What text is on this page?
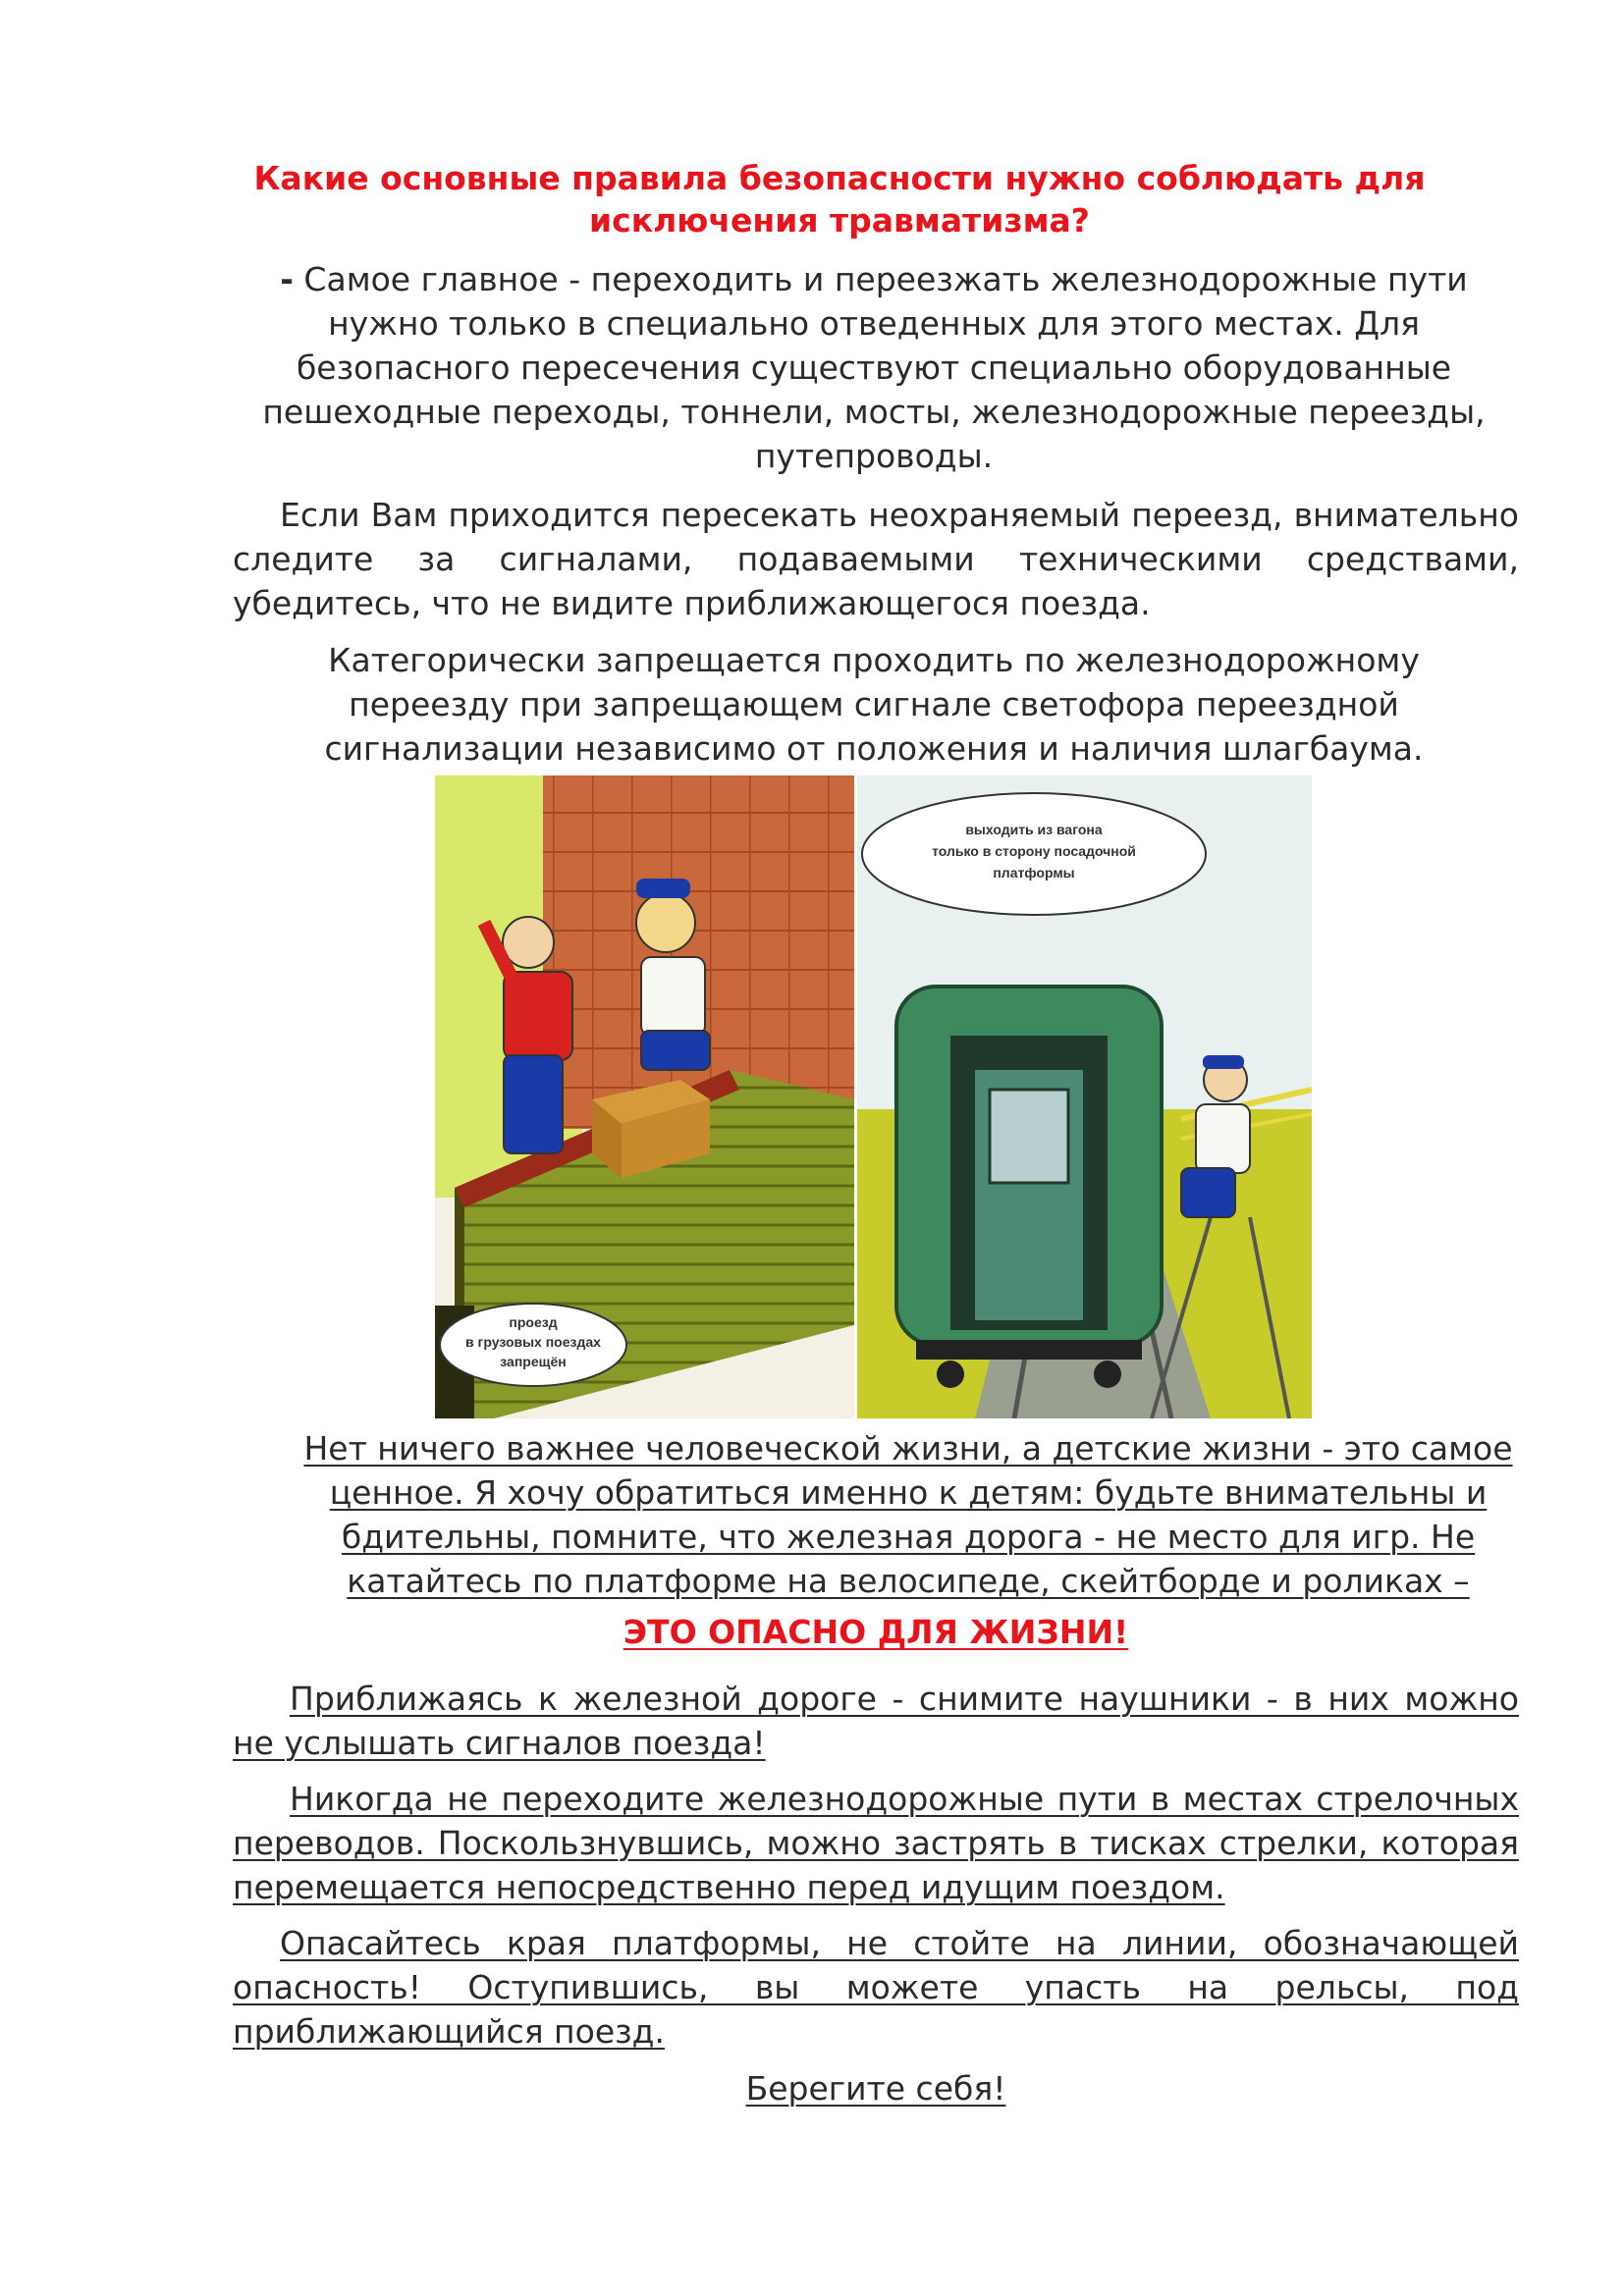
Какие основные правила безопасности нужно соблюдать для исключения травматизма?

- Самое главное - переходить и переезжать железнодорожные пути нужно только в специально отведенных для этого местах. Для безопасного пересечения существуют специально оборудованные пешеходные переходы, тоннели, мосты, железнодорожные переезды, путепроводы.

Если Вам приходится пересекать неохраняемый переезд, внимательно следите за сигналами, подаваемыми техническими средствами, убедитесь, что не видите приближающегося поезда.

Категорически запрещается проходить по железнодорожному переезду при запрещающем сигнале светофора переездной сигнализации независимо от положения и наличия шлагбаума.

проезд
в грузовых поездах
запрещён
выходить из вагона
только в сторону посадочной
платформы

Нет ничего важнее человеческой жизни, а детские жизни - это самое ценное. Я хочу обратиться именно к детям: будьте внимательны и бдительны, помните, что железная дорога - не место для игр. Не катайтесь по платформе на велосипеде, скейтборде и роликах –

ЭТО ОПАСНО ДЛЯ ЖИЗНИ!

Приближаясь к железной дороге - снимите наушники - в них можно не услышать сигналов поезда!

Никогда не переходите железнодорожные пути в местах стрелочных переводов. Поскользнувшись, можно застрять в тисках стрелки, которая перемещается непосредственно перед идущим поездом.

Опасайтесь края платформы, не стойте на линии, обозначающей опасность! Оступившись, вы можете упасть на рельсы, под приближающийся поезд.

Берегите себя!
